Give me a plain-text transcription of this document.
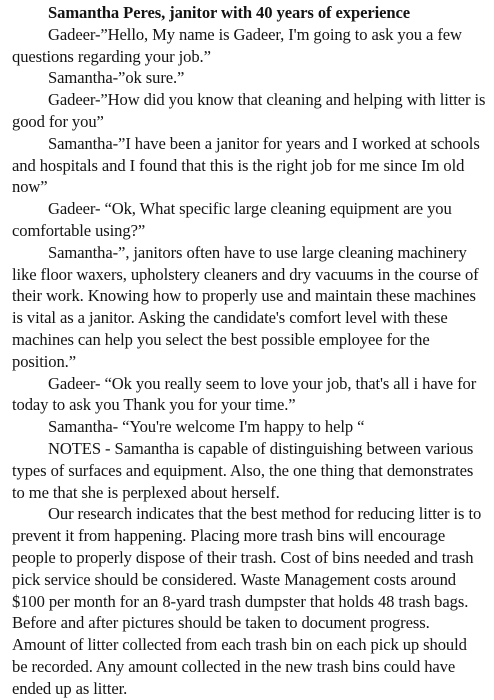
Samantha Peres, janitor with 40 years of experience

Gadeer-”Hello, My name is Gadeer, I'm going to ask you a few questions regarding your job.”

Samantha-”ok sure.”

Gadeer-”How did you know that cleaning and helping with litter is good for you”

Samantha-”I have been a janitor for years and I worked at schools and hospitals and I found that this is the right job for me since Im old now”

Gadeer- “Ok, What specific large cleaning equipment are you comfortable using?”

Samantha-”, janitors often have to use large cleaning machinery like floor waxers, upholstery cleaners and dry vacuums in the course of their work. Knowing how to properly use and maintain these machines is vital as a janitor. Asking the candidate's comfort level with these machines can help you select the best possible employee for the position.”

Gadeer- “Ok you really seem to love your job, that's all i have for today to ask you Thank you for your time.”

Samantha- “You're welcome I'm happy to help “

NOTES - Samantha is capable of distinguishing between various types of surfaces and equipment. Also, the one thing that demonstrates to me that she is perplexed about herself.

Our research indicates that the best method for reducing litter is to prevent it from happening. Placing more trash bins will encourage people to properly dispose of their trash. Cost of bins needed and trash pick service should be considered. Waste Management costs around $100 per month for an 8-yard trash dumpster that holds 48 trash bags. Before and after pictures should be taken to document progress. Amount of litter collected from each trash bin on each pick up should be recorded. Any amount collected in the new trash bins could have ended up as litter.
